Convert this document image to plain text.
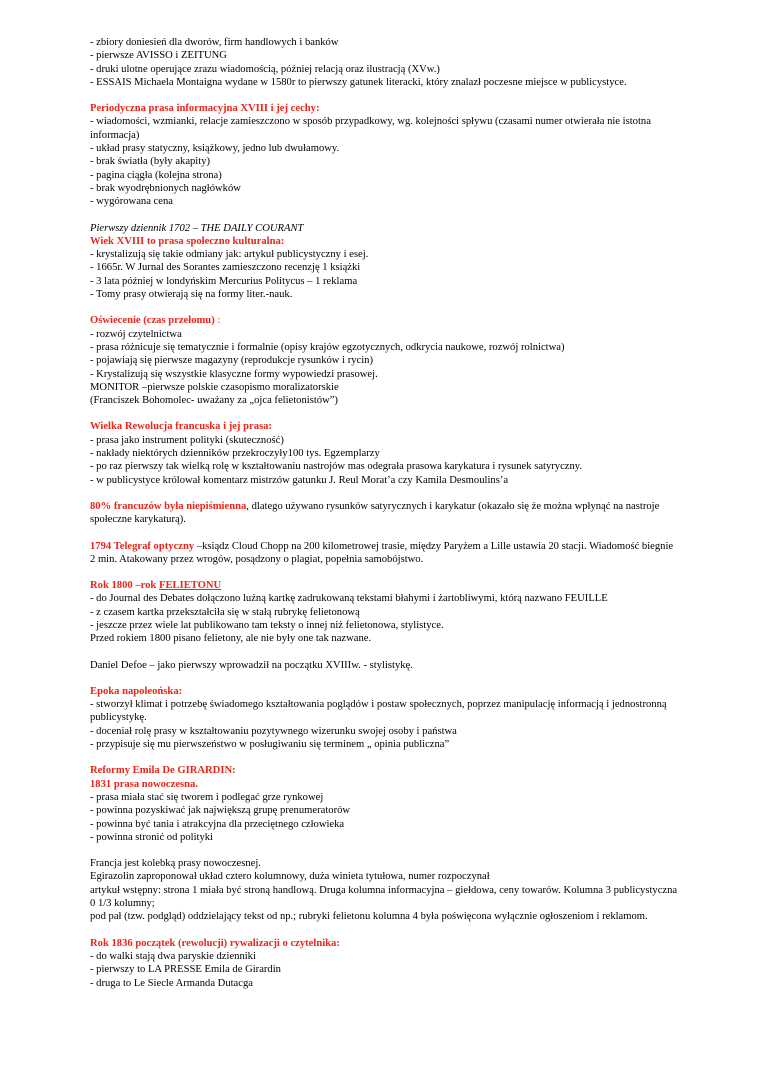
- zbiory doniesień dla dworów, firm handlowych i banków
- pierwsze AVISSO i ZEITUNG
- druki ulotne operujące zrazu wiadomością, później relacją oraz ilustracją (XVw.)
- ESSAIS Michaela Montaigna wydane w 1580r to pierwszy gatunek literacki, który znalazł poczesne miejsce w publicystyce.
Periodyczna prasa informacyjna XVIII i jej cechy:
- wiadomości, wzmianki, relacje zamieszczono w sposób przypadkowy, wg. kolejności spływu (czasami numer otwierała nie istotna informacja)
- układ prasy statyczny, książkowy, jedno lub dwułamowy.
- brak światła (były akapity)
- pagina ciągła (kolejna strona)
- brak wyodrębnionych nagłówków
- wygórowana cena
Pierwszy dziennik 1702 – THE DAILY COURANT
Wiek XVIII to prasa społeczno kulturalna:
- krystalizują się takie odmiany jak: artykuł publicystyczny i esej.
- 1665r. W Jurnal des Sorantes zamieszczono recenzję 1 książki
- 3 lata później w londyńskim Mercurius Politycus – 1 reklama
- Tomy prasy otwierają się na formy liter.-nauk.
Oświecenie (czas przełomu) :
- rozwój czytelnictwa
- prasa różnicuje się tematycznie i formalnie (opisy krajów egzotycznych, odkrycia naukowe, rozwój rolnictwa)
- pojawiają się pierwsze magazyny (reprodukcje rysunków i rycin)
- Krystalizują się wszystkie klasyczne formy wypowiedzi prasowej.
MONITOR –pierwsze polskie czasopismo moralizatorskie
(Franciszek Bohomolec- uważany za „ojca felietonistów”)
Wielka Rewolucja francuska i jej prasa:
- prasa jako instrument polityki (skuteczność)
- nakłady niektórych dzienników przekroczyły100 tys. Egzemplarzy
- po raz pierwszy tak wielką rolę w kształtowaniu nastrojów mas odegrała prasowa karykatura i rysunek satyryczny.
- w publicystyce królował komentarz mistrzów gatunku J. Reul Morat’a czy Kamila Desmoulins’a
80% francuzów była niepiśmienna, dlatego używano rysunków satyrycznych i karykatur (okazało się że można wpłynąć na nastroje społeczne karykaturą).
1794 Telegraf optyczny –ksiądz Cloud Chopp na 200 kilometrowej trasie, między Paryżem a Lille ustawia 20 stacji. Wiadomość biegnie 2 min. Atakowany przez wrogów, posądzony o plagiat, popełnia samobójstwo.
Rok 1800 –rok FELIETONU
- do Journal des Debates dołączono luźną kartkę zadrukowaną tekstami błahymi i żartobliwymi, którą nazwano FEUILLE
- z czasem kartka przekształciła się w stałą rubrykę felietonową
- jeszcze przez wiele lat publikowano tam teksty o innej niż felietonowa, stylistyce.
Przed rokiem 1800 pisano felietony, ale nie były one tak nazwane.
Daniel Defoe – jako pierwszy wprowadził na początku XVIIIw. - stylistykę.
Epoka napoleońska:
- stworzył klimat i potrzebę świadomego kształtowania poglądów i postaw społecznych, poprzez manipulację informacją i jednostronną publicystykę.
- doceniał rolę prasy w kształtowaniu pozytywnego wizerunku swojej osoby i państwa
- przypisuje się mu pierwszeństwo w posługiwaniu się terminem „ opinia publiczna”
Reformy Emila De GIRARDIN:
1831 prasa nowoczesna.
- prasa miała stać się tworem i podlegać grze rynkowej
- powinna pozyskiwać jak największą grupę prenumeratorów
- powinna być tania i atrakcyjna dla przeciętnego człowieka
- powinna stronić od polityki
Francja jest kolebką prasy nowoczesnej.
Egirazolin zaproponował układ cztero kolumnowy, duża winieta tytułowa, numer rozpoczynał
artykuł wstępny: strona 1 miała być stroną handlową. Druga kolumna informacyjna – giełdowa, ceny towarów. Kolumna 3 publicystyczna 0 1/3 kolumny;
pod pał (tzw. podgląd) oddzielający tekst od np.; rubryki felietonu kolumna 4 była poświęcona wyłącznie ogłoszeniom i reklamom.
Rok 1836 początek (rewolucji) rywalizacji o czytelnika:
- do walki stają dwa paryskie dzienniki
- pierwszy to LA PRESSE Emila de Girardin
- druga to Le Siecle Armanda Dutacga
